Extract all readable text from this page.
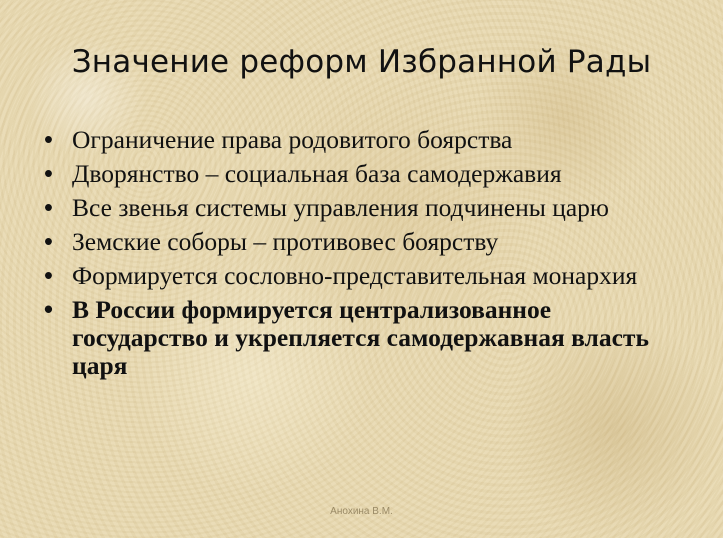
Значение реформ Избранной Рады
• Ограничение права родовитого боярства
• Дворянство – социальная база самодержавия
• Все звенья системы управления подчинены царю
• Земские соборы – противовес боярству
• Формируется сословно-представительная монархия
• В России формируется централизованное государство и укрепляется самодержавная власть царя
Анохина В.М.
